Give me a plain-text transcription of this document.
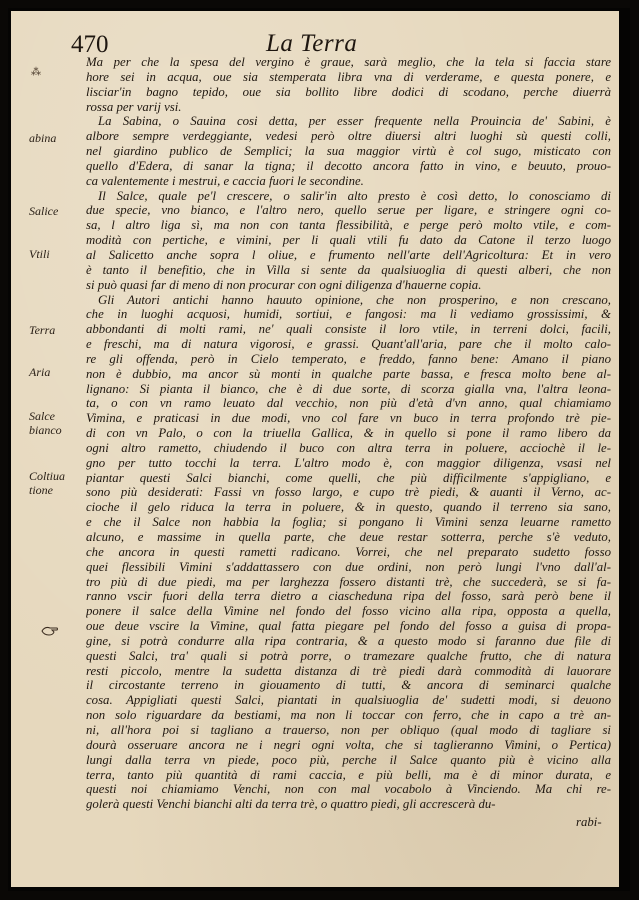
470	La Terra
⁂
abina
Salice
Vtili
Terra
Aria
Salce
bianco
Coltiua
tione
Ma per che la spesa del vergino è graue, sarà meglio, che la tela si faccia stare
hore sei in acqua, oue sia stemperata libra vna di verderame, e questa ponere, e
lisciar'in bagno tepido, oue sia bollito libre dodici di scodano, perche diuerrà
rossa per varij vsi.
La Sabina, o Sauina cosi detta, per esser frequente nella Prouincia de' Sabini, è
albore sempre verdeggiante, vedesi però oltre diuersi altri luoghi sù questi colli,
nel giardino publico de Semplici; la sua maggior virtù è col sugo, misticato con
quello d'Edera, di sanar la tigna; il decotto ancora fatto in vino, e beuuto, prouo-
ca valentemente i mestrui, e caccia fuori le secondine.
Il Salce, quale pe'l crescere, o salir'in alto presto è così detto, lo conosciamo di
due specie, vno bianco, e l'altro nero, quello serue per ligare, e stringere ogni co-
sa, l altro liga sì, ma non con tanta flessibilità, e perge però molto vtile, e com-
modità con pertiche, e vimini, per li quali vtili fu dato da Catone il terzo luogo
al Salicetto anche sopra l oliue, e frumento nell'arte dell'Agricoltura: Et in vero
è tanto il benefitio, che in Villa si sente da qualsiuoglia di questi alberi, che non
si può quasi far di meno di non procurar con ogni diligenza d'hauerne copia.
Gli Autori antichi hanno hauuto opinione, che non prosperino, e non crescano,
che in luoghi acquosi, humidi, sortiui, e fangosi: ma li vediamo grossissimi, &
abbondanti di molti rami, ne' quali consiste il loro vtile, in terreni dolci, facili,
e freschi, ma di natura vigorosi, e grassi. Quant'all'aria, pare che il molto calo-
re gli offenda, però in Cielo temperato, e freddo, fanno bene: Amano il piano
non è dubbio, ma ancor sù monti in qualche parte bassa, e fresca molto bene al-
lignano: Si pianta il bianco, che è di due sorte, di scorza gialla vna, l'altra leona-
ta, o con vn ramo leuato dal vecchio, non più d'età d'vn anno, qual chiamiamo
Vimina, e praticasi in due modi, vno col fare vn buco in terra profondo trè pie-
di con vn Palo, o con la triuella Gallica, & in quello si pone il ramo libero da
ogni altro rametto, chiudendo il buco con altra terra in poluere, acciochè il le-
gno per tutto tocchi la terra. L'altro modo è, con maggior diligenza, vsasi nel
piantar questi Salci bianchi, come quelli, che più difficilmente s'appigliano, e
sono più desiderati: Fassi vn fosso largo, e cupo trè piedi, & auanti il Verno, ac-
cioche il gelo riduca la terra in poluere, & in questo, quando il terreno sia sano,
e che il Salce non habbia la foglia; si pongano li Vimini senza leuarne rametto
alcuno, e massime in quella parte, che deue restar sotterra, perche s'è veduto,
che ancora in questi rametti radicano. Vorrei, che nel preparato sudetto fosso
quei flessibili Vimini s'addattassero con due ordini, non però lungi l'vno dall'al-
tro più di due piedi, ma per larghezza fossero distanti trè, che succederà, se si fa-
ranno vscir fuori della terra dietro a ciascheduna ripa del fosso, sarà però bene il
ponere il salce della Vimine nel fondo del fosso vicino alla ripa, opposta a quella,
oue deue vscire la Vimine, qual fatta piegare pel fondo del fosso a guisa di propa-
gine, si potrà condurre alla ripa contraria, & a questo modo si faranno due file di
questi Salci, tra' quali si potrà porre, o tramezare qualche frutto, che di natura
resti piccolo, mentre la sudetta distanza di trè piedi darà commodità di lauorare
il circostante terreno in giouamento di tutti, & ancora di seminarci qualche
cosa. Appigliati questi Salci, piantati in qualsiuoglia de' sudetti modi, si deuono
non solo riguardare da bestiami, ma non li toccar con ferro, che in capo a trè an-
ni, all'hora poi si tagliano a trauerso, non per obliquo (qual modo di tagliare si
dourà osseruare ancora ne i negri ogni volta, che si taglieranno Vimini, o Pertica)
lungi dalla terra vn piede, poco più, perche il Salce quanto più è vicino alla
terra, tanto più quantità di rami caccia, e più belli, ma è di minor durata, e
questi noi chiamiamo Venchi, non con mal vocabolo à Vinciendo. Ma chi re-
golerà questi Venchi bianchi alti da terra trè, o quattro piedi, gli accrescerà du-
rabi-
